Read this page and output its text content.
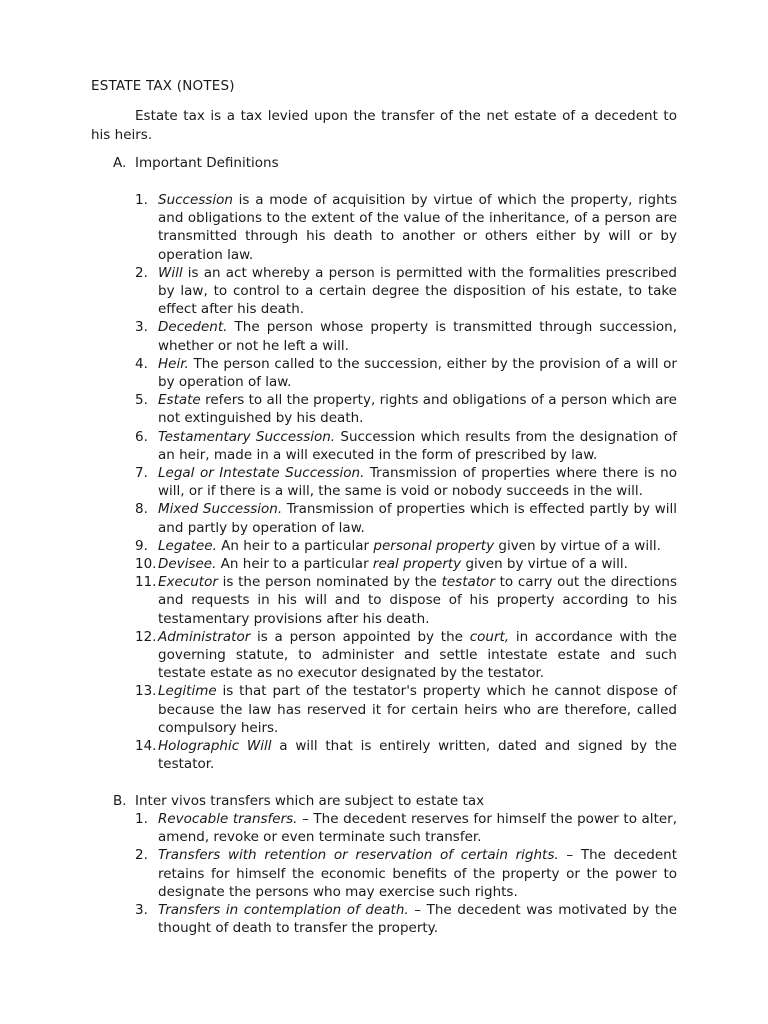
ESTATE TAX (NOTES)
Estate tax is a tax levied upon the transfer of the net estate of a decedent to his heirs.
A. Important Definitions
1. Succession is a mode of acquisition by virtue of which the property, rights and obligations to the extent of the value of the inheritance, of a person are transmitted through his death to another or others either by will or by operation law.
2. Will is an act whereby a person is permitted with the formalities prescribed by law, to control to a certain degree the disposition of his estate, to take effect after his death.
3. Decedent. The person whose property is transmitted through succession, whether or not he left a will.
4. Heir. The person called to the succession, either by the provision of a will or by operation of law.
5. Estate refers to all the property, rights and obligations of a person which are not extinguished by his death.
6. Testamentary Succession. Succession which results from the designation of an heir, made in a will executed in the form of prescribed by law.
7. Legal or Intestate Succession. Transmission of properties where there is no will, or if there is a will, the same is void or nobody succeeds in the will.
8. Mixed Succession. Transmission of properties which is effected partly by will and partly by operation of law.
9. Legatee. An heir to a particular personal property given by virtue of a will.
10. Devisee. An heir to a particular real property given by virtue of a will.
11. Executor is the person nominated by the testator to carry out the directions and requests in his will and to dispose of his property according to his testamentary provisions after his death.
12. Administrator is a person appointed by the court, in accordance with the governing statute, to administer and settle intestate estate and such testate estate as no executor designated by the testator.
13. Legitime is that part of the testator's property which he cannot dispose of because the law has reserved it for certain heirs who are therefore, called compulsory heirs.
14. Holographic Will a will that is entirely written, dated and signed by the testator.
B. Inter vivos transfers which are subject to estate tax
1. Revocable transfers. – The decedent reserves for himself the power to alter, amend, revoke or even terminate such transfer.
2. Transfers with retention or reservation of certain rights. – The decedent retains for himself the economic benefits of the property or the power to designate the persons who may exercise such rights.
3. Transfers in contemplation of death. – The decedent was motivated by the thought of death to transfer the property.
